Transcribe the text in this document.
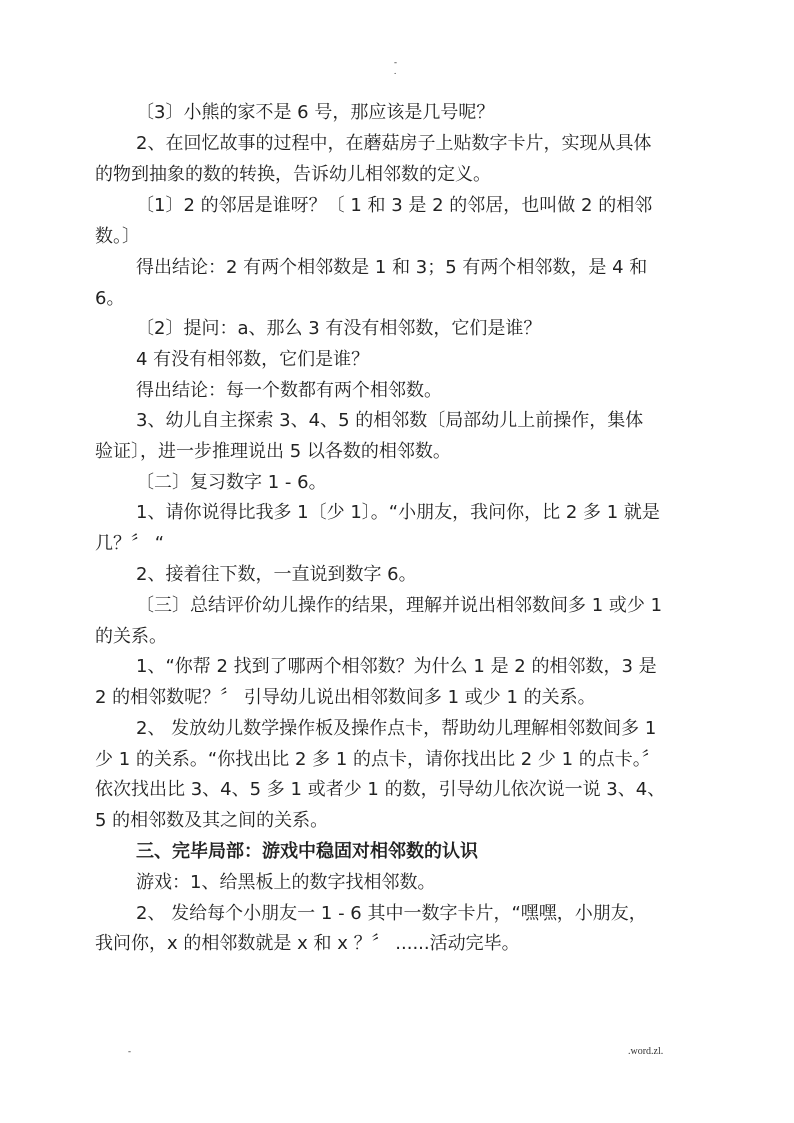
-
.
〔3〕小熊的家不是 6 号，那应该是几号呢？
2、在回忆故事的过程中，在蘑菇房子上贴数字卡片，实现从具体
的物到抽象的数的转换，告诉幼儿相邻数的定义。
〔1〕2 的邻居是谁呀？〔 1 和 3 是 2 的邻居，也叫做 2 的相邻
数。〕
得出结论：2 有两个相邻数是 1 和 3；5 有两个相邻数，是 4 和
6。
〔2〕提问：a、那么 3 有没有相邻数，它们是谁？
4 有没有相邻数，它们是谁？
得出结论：每一个数都有两个相邻数。
3、幼儿自主探索 3、4、5 的相邻数〔局部幼儿上前操作，集体
验证〕，进一步推理说出 5 以各数的相邻数。
〔二〕复习数字 1 - 6。
1、请你说得比我多 1〔少 1〕。“小朋友，我问你，比 2 多 1 就是
几？〞 “
2、接着往下数，一直说到数字 6。
〔三〕总结评价幼儿操作的结果，理解并说出相邻数间多 1 或少 1
的关系。
1、“你帮 2 找到了哪两个相邻数？为什么 1 是 2 的相邻数，3 是
2 的相邻数呢？〞 引导幼儿说出相邻数间多 1 或少 1 的关系。
2、 发放幼儿数学操作板及操作点卡，帮助幼儿理解相邻数间多 1
少 1 的关系。“你找出比 2 多 1 的点卡，请你找出比 2 少 1 的点卡。〞
依次找出比 3、4、5 多 1 或者少 1 的数，引导幼儿依次说一说 3、4、
5 的相邻数及其之间的关系。
三、完毕局部：游戏中稳固对相邻数的认识
游戏：1、给黑板上的数字找相邻数。
2、 发给每个小朋友一 1 - 6 其中一数字卡片，“嘿嘿，小朋友，
我问你，x 的相邻数就是 x 和 x ？〞 ......活动完毕。
-	.word.zl.
